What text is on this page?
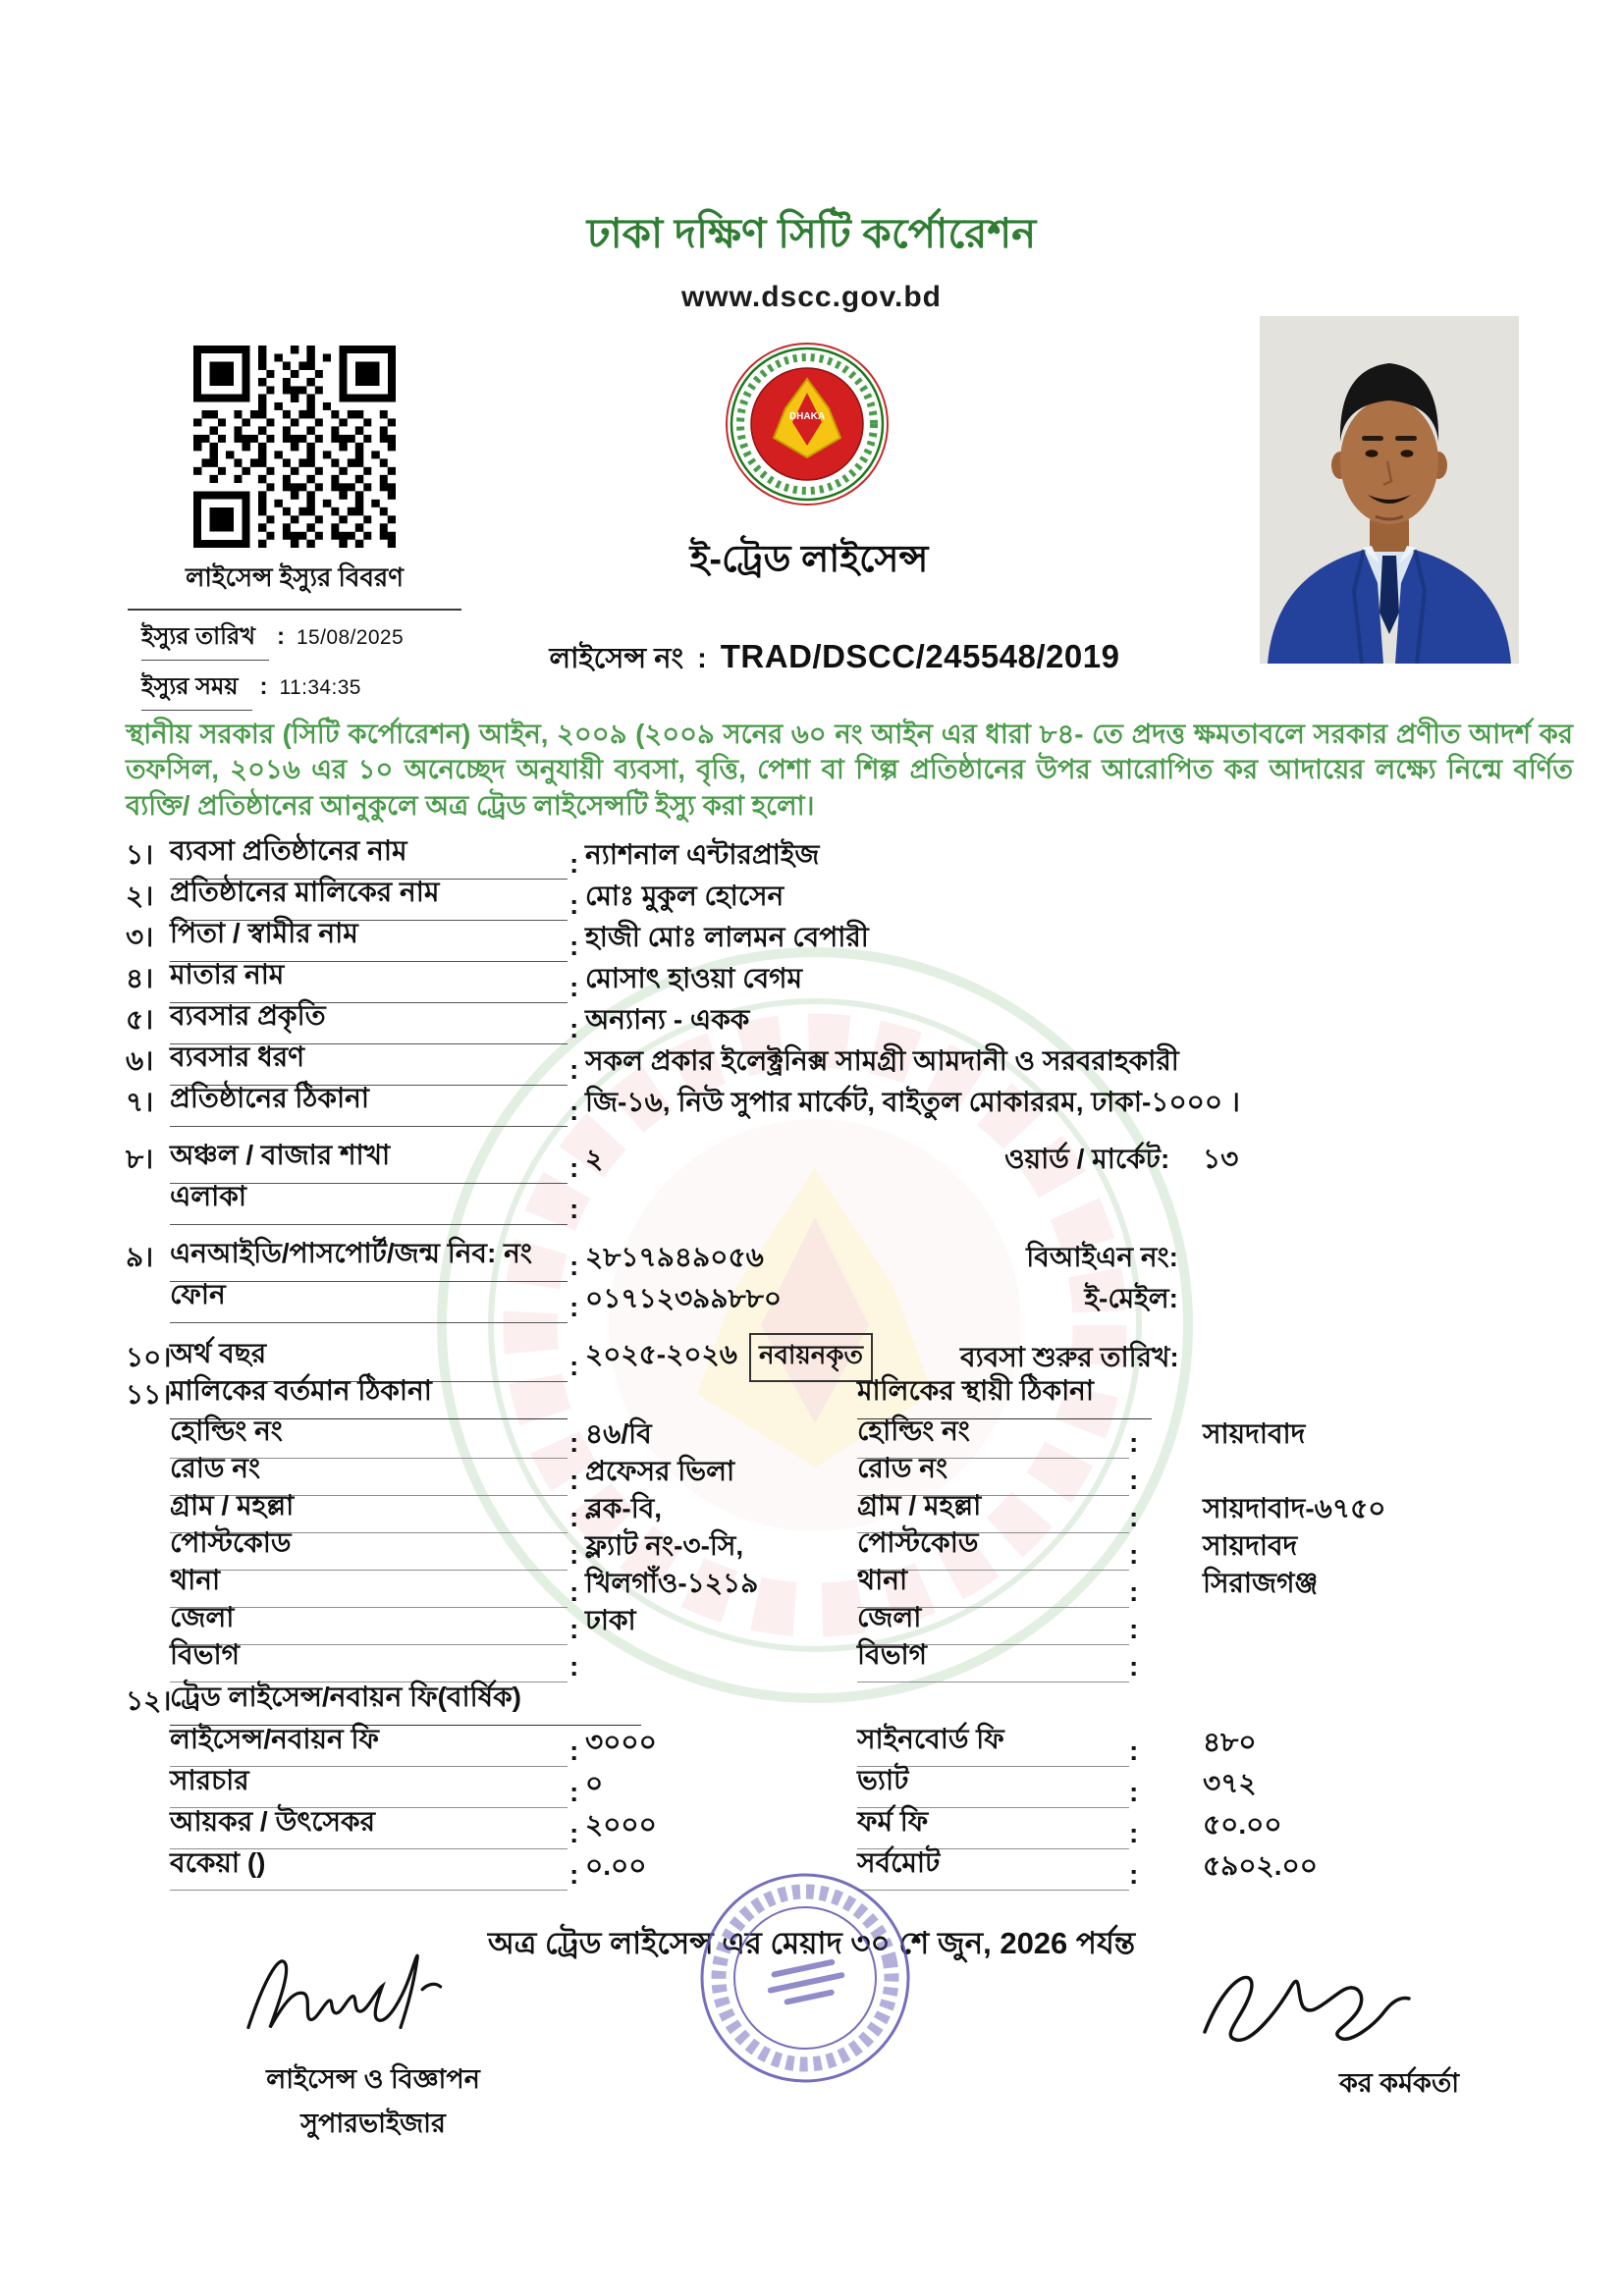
ঢাকা দক্ষিণ সিটি কর্পোরেশন
www.dscc.gov.bd
লাইসেন্স ইস্যুর বিবরণ
ইস্যুর তারিখ : 15/08/2025
ইস্যুর সময় : 11:34:35
DHAKA
ই-ট্রেড লাইসেন্স
লাইসেন্স নং : TRAD/DSCC/245548/2019
স্থানীয় সরকার (সিটি কর্পোরেশন) আইন, ২০০৯ (২০০৯ সনের ৬০ নং আইন এর ধারা ৮৪- তে প্রদত্ত ক্ষমতাবলে সরকার প্রণীত আদর্শ কর তফসিল, ২০১৬ এর ১০ অনেচ্ছেদ অনুযায়ী ব্যবসা, বৃত্তি, পেশা বা শিল্প প্রতিষ্ঠানের উপর আরোপিত কর আদায়ের লক্ষ্যে নিন্মে বর্ণিত ব্যক্তি/ প্রতিষ্ঠানের আনুকুলে অত্র ট্রেড লাইসেন্সটি ইস্যু করা হলো।
১। ব্যবসা প্রতিষ্ঠানের নাম	: ন্যাশনাল এন্টারপ্রাইজ
২। প্রতিষ্ঠানের মালিকের নাম	: মোঃ মুকুল হোসেন
৩। পিতা / স্বামীর নাম	: হাজী মোঃ লালমন বেপারী
৪। মাতার নাম	: মোসাৎ হাওয়া বেগম
৫। ব্যবসার প্রকৃতি	: অন্যান্য - একক
৬। ব্যবসার ধরণ	: সকল প্রকার ইলেক্ট্রনিক্স সামগ্রী আমদানী ও সরবরাহকারী
৭। প্রতিষ্ঠানের ঠিকানা	: জি-১৬, নিউ সুপার মার্কেট, বাইতুল মোকাররম, ঢাকা-১০০০ ।
৮। অঞ্চল / বাজার শাখা	: ২	ওয়ার্ড / মার্কেট: ১৩
এলাকা	:
৯। এনআইডি/পাসপোর্ট/জন্ম নিব: নং	: ২৮১৭৯৪৯০৫৬	বিআইএন নং:
ফোন	: ০১৭১২৩৯৯৮৮০	ই-মেইল:
১০।
অর্থ বছর	: ২০২৫-২০২৬ নবায়নকৃত	ব্যবসা শুরুর তারিখ:
১১।
মালিকের বর্তমান ঠিকানা	মালিকের স্থায়ী ঠিকানা
হোল্ডিং নং	: ৪৬/বি	হোল্ডিং নং	: সায়দাবাদ
রোড নং	: প্রফেসর ভিলা	রোড নং	:
গ্রাম / মহল্লা	: ব্লক-বি,	গ্রাম / মহল্লা	: সায়দাবাদ-৬৭৫০
পোস্টকোড	: ফ্ল্যাট নং-৩-সি,	পোস্টকোড	: সায়দাবদ
থানা	: খিলগাঁও-১২১৯	থানা	: সিরাজগঞ্জ
জেলা	: ঢাকা	জেলা	:
বিভাগ	:	বিভাগ	:
১২।
ট্রেড লাইসেন্স/নবায়ন ফি(বার্ষিক)
লাইসেন্স/নবায়ন ফি	: ৩০০০	সাইনবোর্ড ফি	: ৪৮০
সারচার	: ০	ভ্যাট	: ৩৭২
আয়কর / উৎসেকর	: ২০০০	ফর্ম ফি	: ৫০.০০
বকেয়া ()	: ০.০০	সর্বমোট	: ৫৯০২.০০
অত্র ট্রেড লাইসেন্স এর মেয়াদ ৩০ শে জুন, 2026 পর্যন্ত
লাইসেন্স ও বিজ্ঞাপন সুপারভাইজার
কর কর্মকর্তা
